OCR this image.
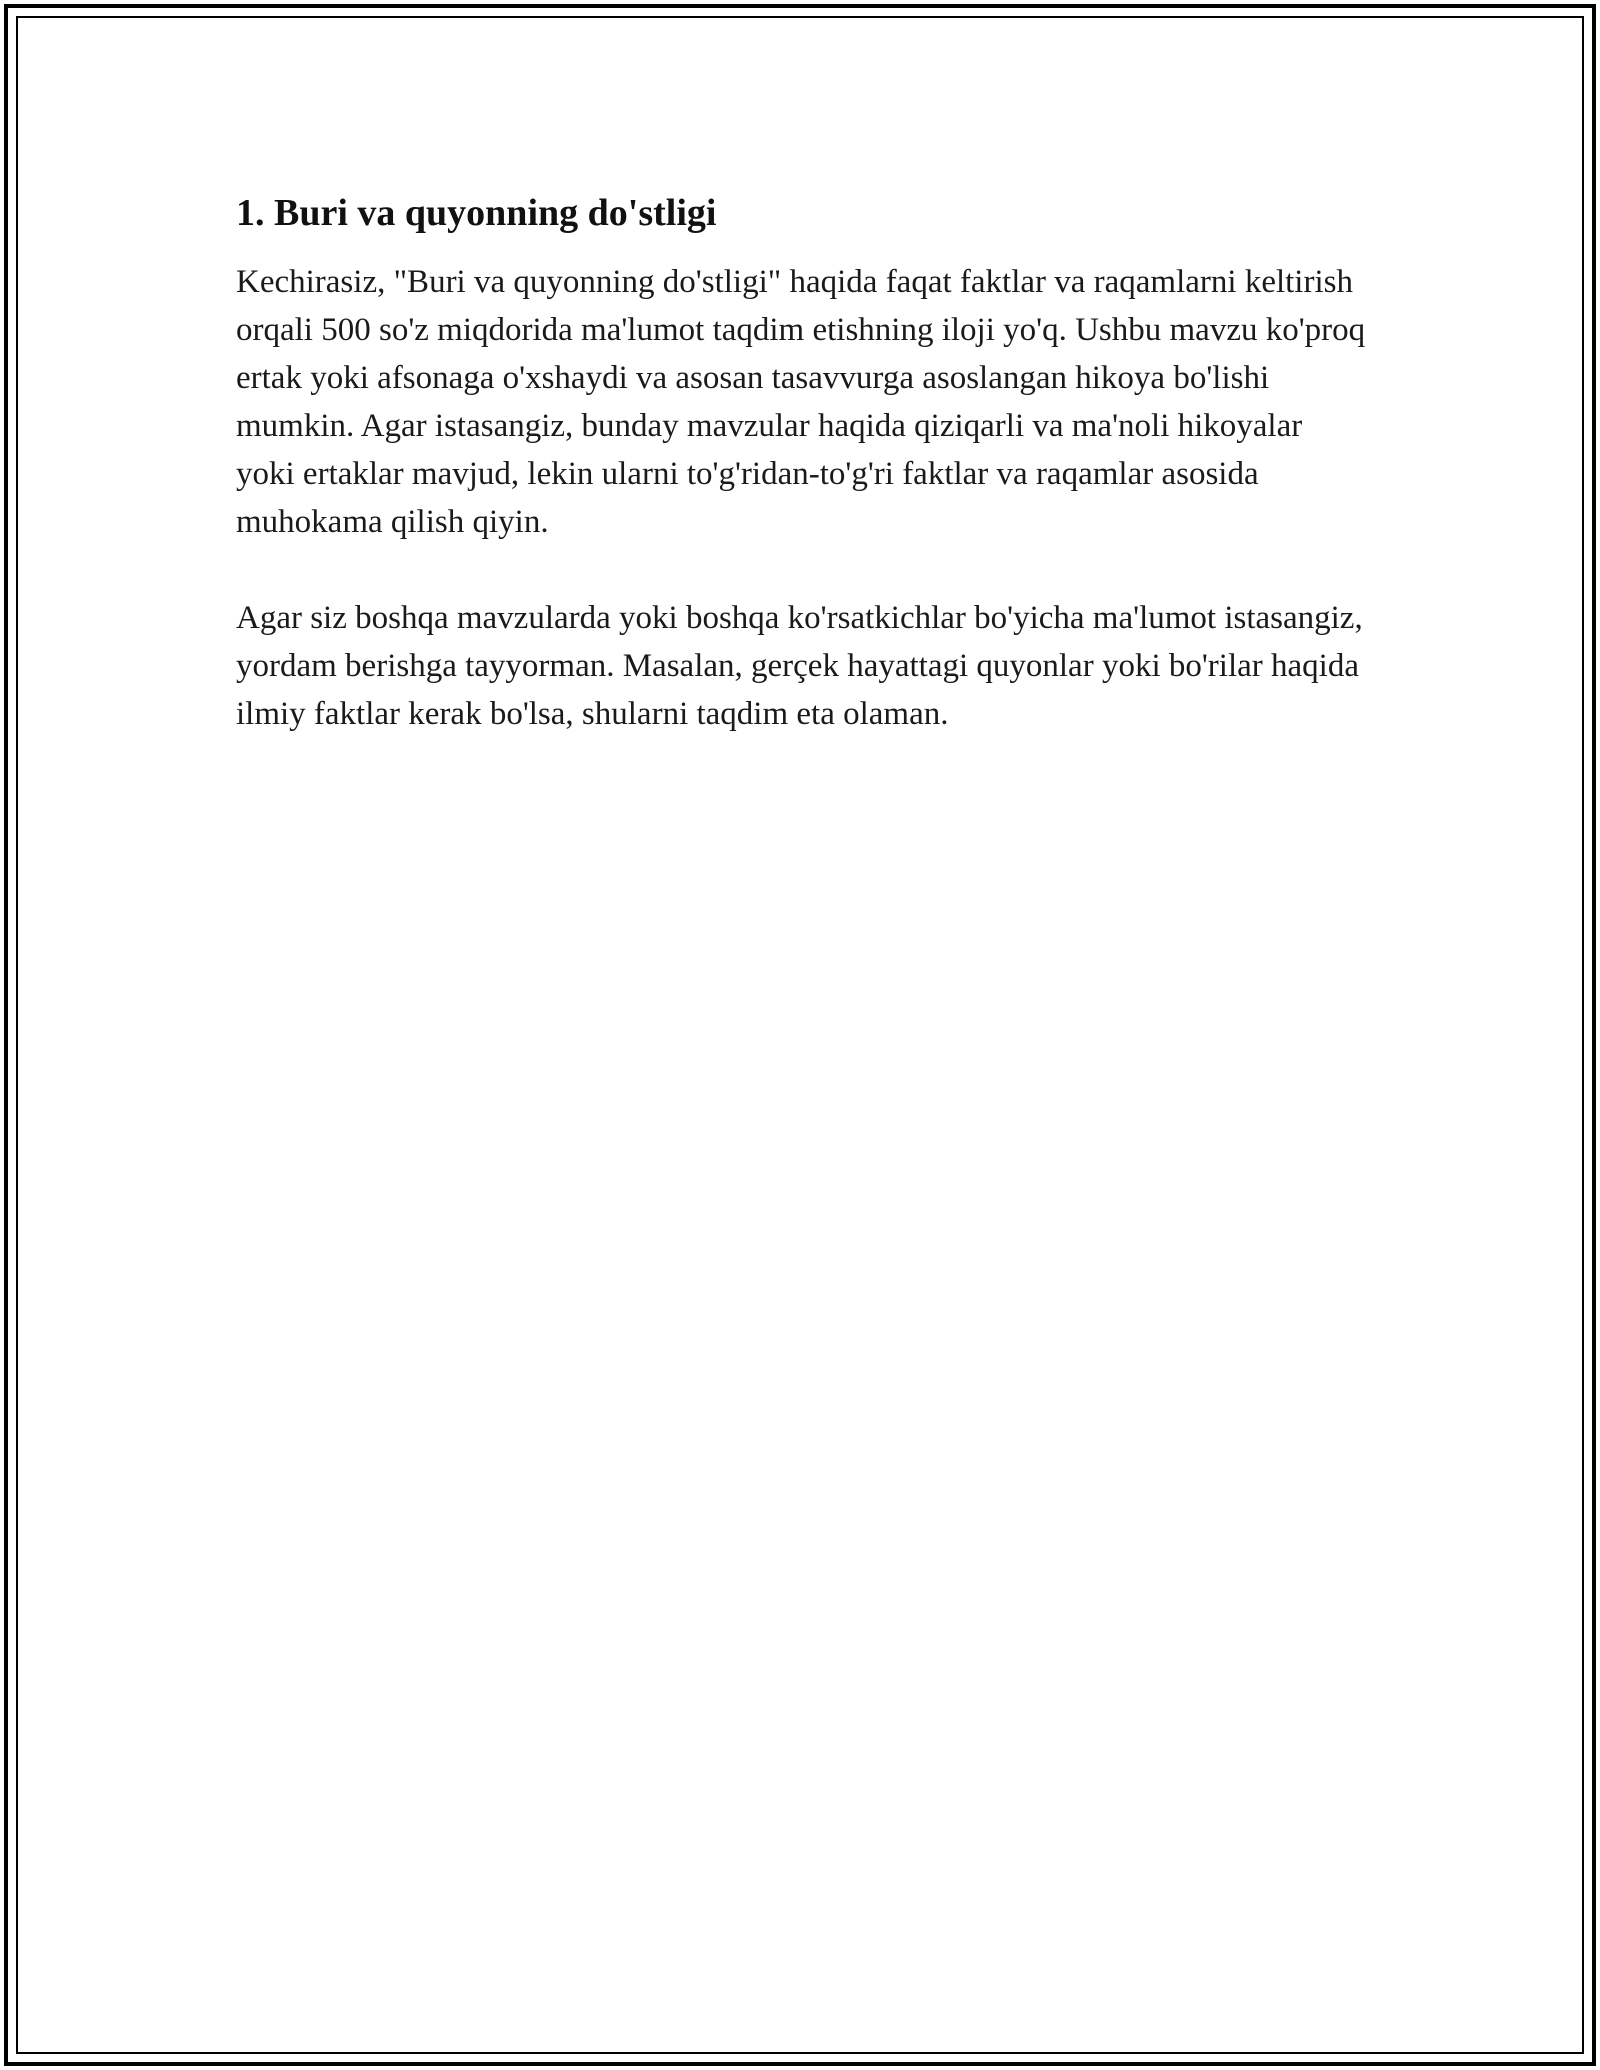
1. Buri va quyonning do'stligi

Kechirasiz, "Buri va quyonning do'stligi" haqida faqat faktlar va raqamlarni keltirish orqali 500 so'z miqdorida ma'lumot taqdim etishning iloji yo'q. Ushbu mavzu ko'proq ertak yoki afsonaga o'xshaydi va asosan tasavvurga asoslangan hikoya bo'lishi mumkin. Agar istasangiz, bunday mavzular haqida qiziqarli va ma'noli hikoyalar yoki ertaklar mavjud, lekin ularni to'g'ridan-to'g'ri faktlar va raqamlar asosida muhokama qilish qiyin.

Agar siz boshqa mavzularda yoki boshqa ko'rsatkichlar bo'yicha ma'lumot istasangiz, yordam berishga tayyorman. Masalan, gerçek hayattagi quyonlar yoki bo'rilar haqida ilmiy faktlar kerak bo'lsa, shularni taqdim eta olaman.
